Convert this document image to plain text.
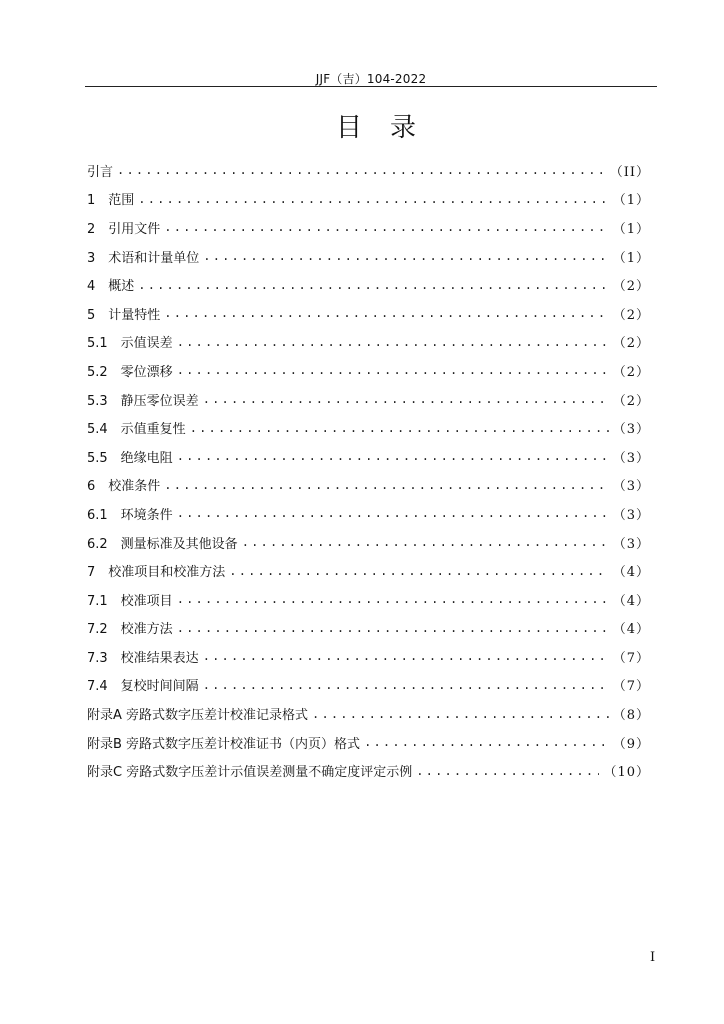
JJF（吉）104-2022
目录
引言 .....	（II）
1　范围 .....	（1）
2　引用文件 .....	（1）
3　术语和计量单位 .....	（1）
4　概述 .....	（2）
5　计量特性 .....	（2）
5.1　示值误差 .....	（2）
5.2　零位漂移 .....	（2）
5.3　静压零位误差 .....	（2）
5.4　示值重复性 .....	（3）
5.5　绝缘电阻 .....	（3）
6　校准条件 .....	（3）
6.1　环境条件 .....	（3）
6.2　测量标准及其他设备 .....	（3）
7　校准项目和校准方法 .....	（4）
7.1　校准项目 .....	（4）
7.2　校准方法 .....	（4）
7.3　校准结果表达 .....	（7）
7.4　复校时间间隔 .....	（7）
附录A 旁路式数字压差计校准记录格式 .....	（8）
附录B 旁路式数字压差计校准证书（内页）格式 .....	（9）
附录C 旁路式数字压差计示值误差测量不确定度评定示例 .....	（10）
I
